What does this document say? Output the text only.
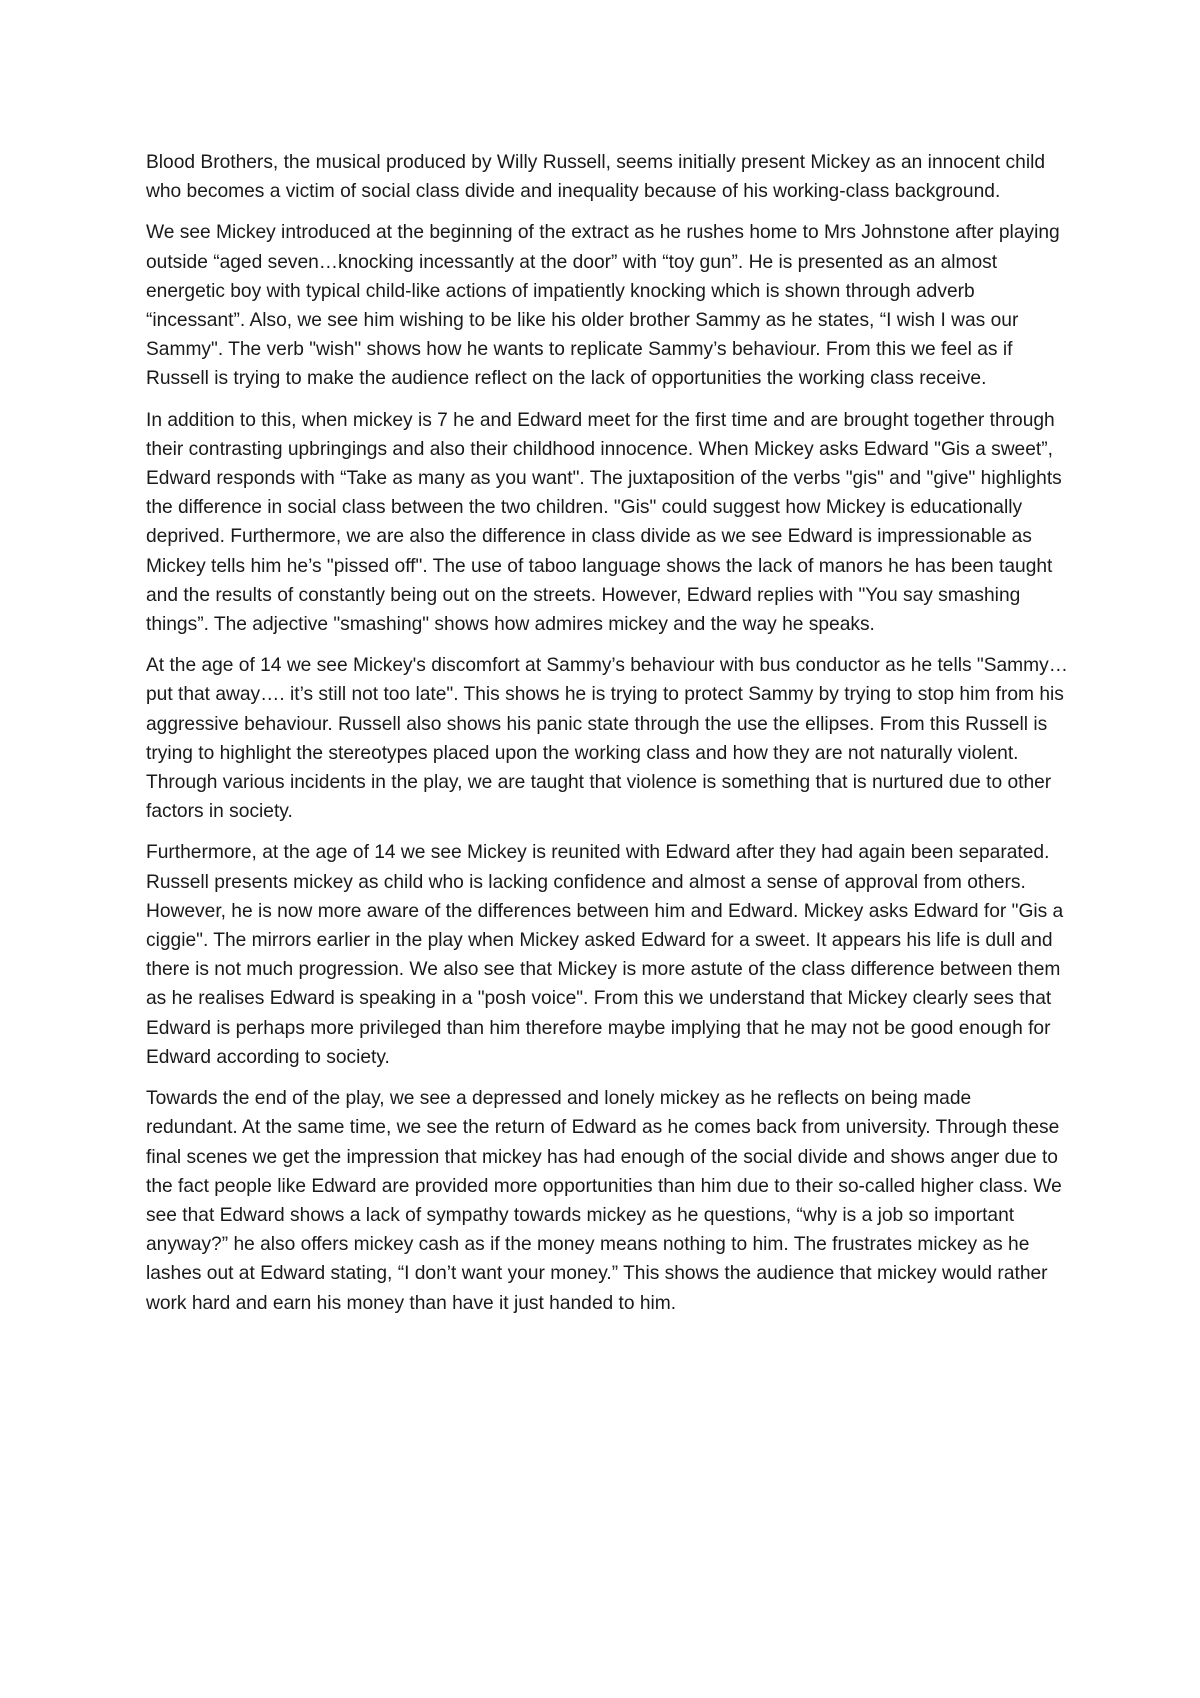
Blood Brothers, the musical produced by Willy Russell, seems initially present Mickey as an innocent child who becomes a victim of social class divide and inequality because of his working-class background.

We see Mickey introduced at the beginning of the extract as he rushes home to Mrs Johnstone after playing outside “aged seven…knocking incessantly at the door” with “toy gun”. He is presented as an almost energetic boy with typical child-like actions of impatiently knocking which is shown through adverb “incessant”. Also, we see him wishing to be like his older brother Sammy as he states, “I wish I was our Sammy". The verb "wish" shows how he wants to replicate Sammy’s behaviour. From this we feel as if Russell is trying to make the audience reflect on the lack of opportunities the working class receive.

In addition to this, when mickey is 7 he and Edward meet for the first time and are brought together through their contrasting upbringings and also their childhood innocence. When Mickey asks Edward "Gis a sweet”, Edward responds with “Take as many as you want". The juxtaposition of the verbs "gis" and "give" highlights the difference in social class between the two children. "Gis" could suggest how Mickey is educationally deprived. Furthermore, we are also the difference in class divide as we see Edward is impressionable as Mickey tells him he’s "pissed off". The use of taboo language shows the lack of manors he has been taught and the results of constantly being out on the streets. However, Edward replies with "You say smashing things”. The adjective "smashing" shows how admires mickey and the way he speaks.

At the age of 14 we see Mickey's discomfort at Sammy’s behaviour with bus conductor as he tells "Sammy…put that away…. it’s still not too late". This shows he is trying to protect Sammy by trying to stop him from his aggressive behaviour. Russell also shows his panic state through the use the ellipses. From this Russell is trying to highlight the stereotypes placed upon the working class and how they are not naturally violent. Through various incidents in the play, we are taught that violence is something that is nurtured due to other factors in society.

Furthermore, at the age of 14 we see Mickey is reunited with Edward after they had again been separated. Russell presents mickey as child who is lacking confidence and almost a sense of approval from others. However, he is now more aware of the differences between him and Edward. Mickey asks Edward for "Gis a ciggie". The mirrors earlier in the play when Mickey asked Edward for a sweet. It appears his life is dull and there is not much progression. We also see that Mickey is more astute of the class difference between them as he realises Edward is speaking in a "posh voice". From this we understand that Mickey clearly sees that Edward is perhaps more privileged than him therefore maybe implying that he may not be good enough for Edward according to society.

Towards the end of the play, we see a depressed and lonely mickey as he reflects on being made redundant. At the same time, we see the return of Edward as he comes back from university. Through these final scenes we get the impression that mickey has had enough of the social divide and shows anger due to the fact people like Edward are provided more opportunities than him due to their so-called higher class. We see that Edward shows a lack of sympathy towards mickey as he questions, “why is a job so important anyway?” he also offers mickey cash as if the money means nothing to him. The frustrates mickey as he lashes out at Edward stating, “I don’t want your money.” This shows the audience that mickey would rather work hard and earn his money than have it just handed to him.
